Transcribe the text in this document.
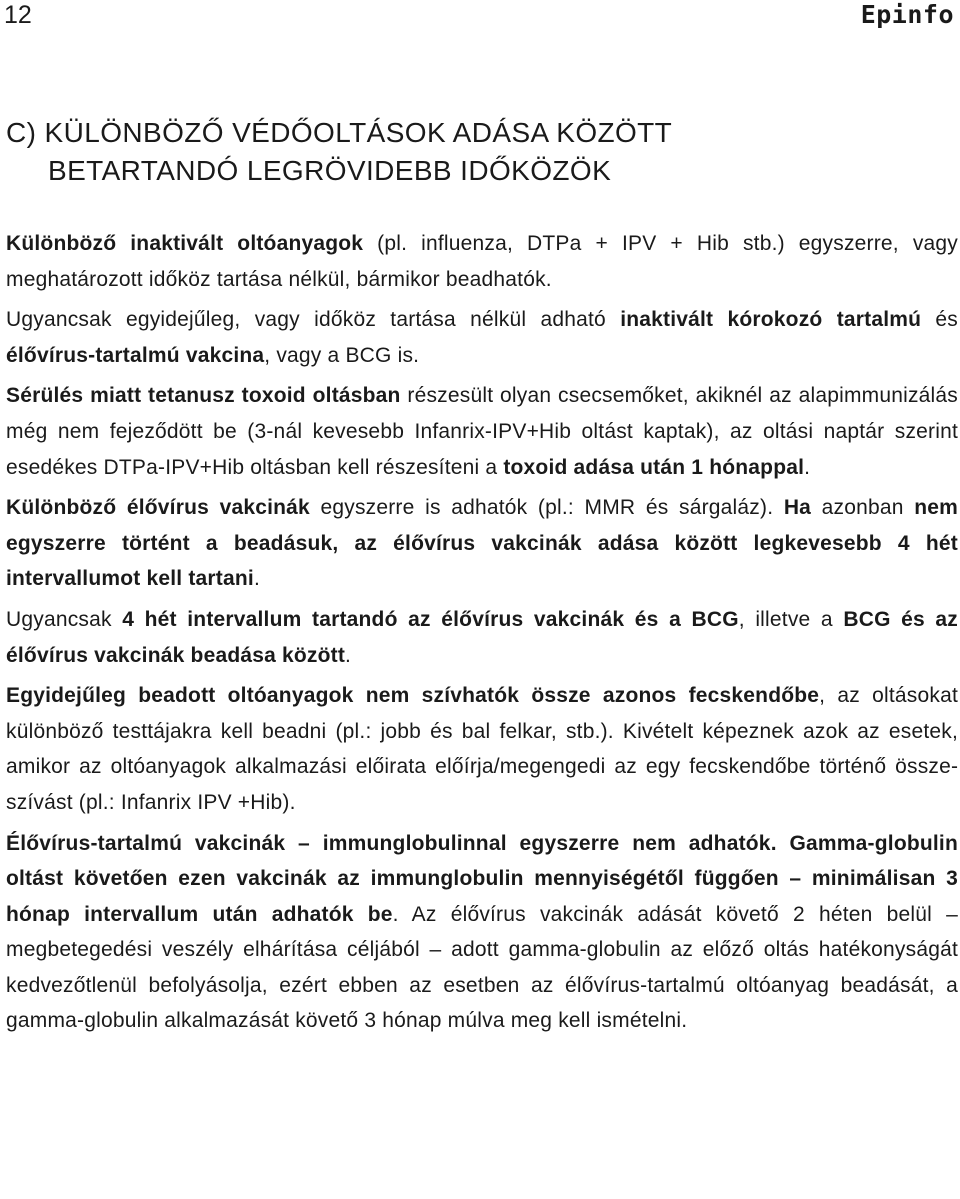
12	Epinfo
C) KÜLÖNBÖZŐ VÉDŐOLTÁSOK ADÁSA KÖZÖTT
BETARTANDÓ LEGRÖVIDEBB IDŐKÖZÖK

Különböző inaktivált oltóanyagok (pl. influenza, DTPa + IPV + Hib stb.) egyszerre, vagy meghatározott időköz tartása nélkül, bármikor beadhatók.

Ugyancsak egyidejűleg, vagy időköz tartása nélkül adható inaktivált kórokozó tartalmú és élővírus-tartalmú vakcina, vagy a BCG is.

Sérülés miatt tetanusz toxoid oltásban részesült olyan csecsemőket, akiknél az alapimmunizálás még nem fejeződött be (3-nál kevesebb Infanrix-IPV+Hib oltást kaptak), az oltási naptár szerint esedékes DTPa-IPV+Hib oltásban kell részesíteni a toxoid adása után 1 hónappal.

Különböző élővírus vakcinák egyszerre is adhatók (pl.: MMR és sárgaláz). Ha azonban nem egyszerre történt a beadásuk, az élővírus vakcinák adása között legkevesebb 4 hét intervallumot kell tartani.

Ugyancsak 4 hét intervallum tartandó az élővírus vakcinák és a BCG, illetve a BCG és az élővírus vakcinák beadása között.

Egyidejűleg beadott oltóanyagok nem szívhatók össze azonos fecskendőbe, az oltásokat különböző testtájakra kell beadni (pl.: jobb és bal felkar, stb.). Kivételt képeznek azok az esetek, amikor az oltóanyagok alkalmazási előirata előírja/megengedi az egy fecskendőbe történő összeszívást (pl.: Infanrix IPV +Hib).

Élővírus-tartalmú vakcinák – immunglobulinnal egyszerre nem adhatók. Gamma-globulin oltást követően ezen vakcinák az immunglobulin mennyiségétől függően – minimálisan 3 hónap intervallum után adhatók be. Az élővírus vakcinák adását követő 2 héten belül – megbetegedési veszély elhárítása céljából – adott gamma-globulin az előző oltás hatékonyságát kedvezőtlenül befolyásolja, ezért ebben az esetben az élővírus-tartalmú oltóanyag beadását, a gamma-globulin alkalmazását követő 3 hónap múlva meg kell ismételni.
